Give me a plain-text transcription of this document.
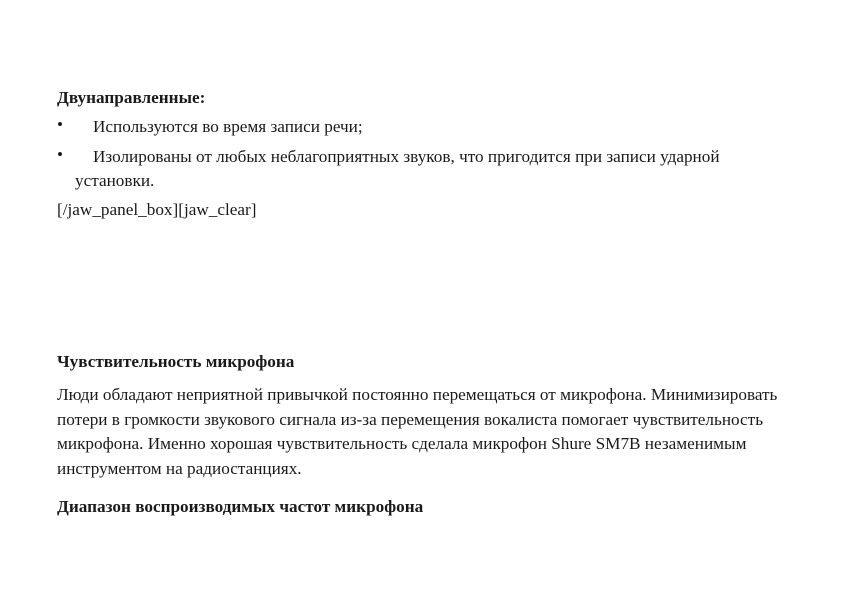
Двунаправленные:
•	Используются во время записи речи;
•	Изолированы от любых неблагоприятных звуков, что пригодится при записи ударной установки.
[/jaw_panel_box][jaw_clear]
Чувствительность микрофона
Люди обладают неприятной привычкой постоянно перемещаться от микрофона. Минимизировать потери в громкости звукового сигнала из-за перемещения вокалиста помогает чувствительность микрофона. Именно хорошая чувствительность сделала микрофон Shure SM7B незаменимым инструментом на радиостанциях.
Диапазон воспроизводимых частот микрофона
